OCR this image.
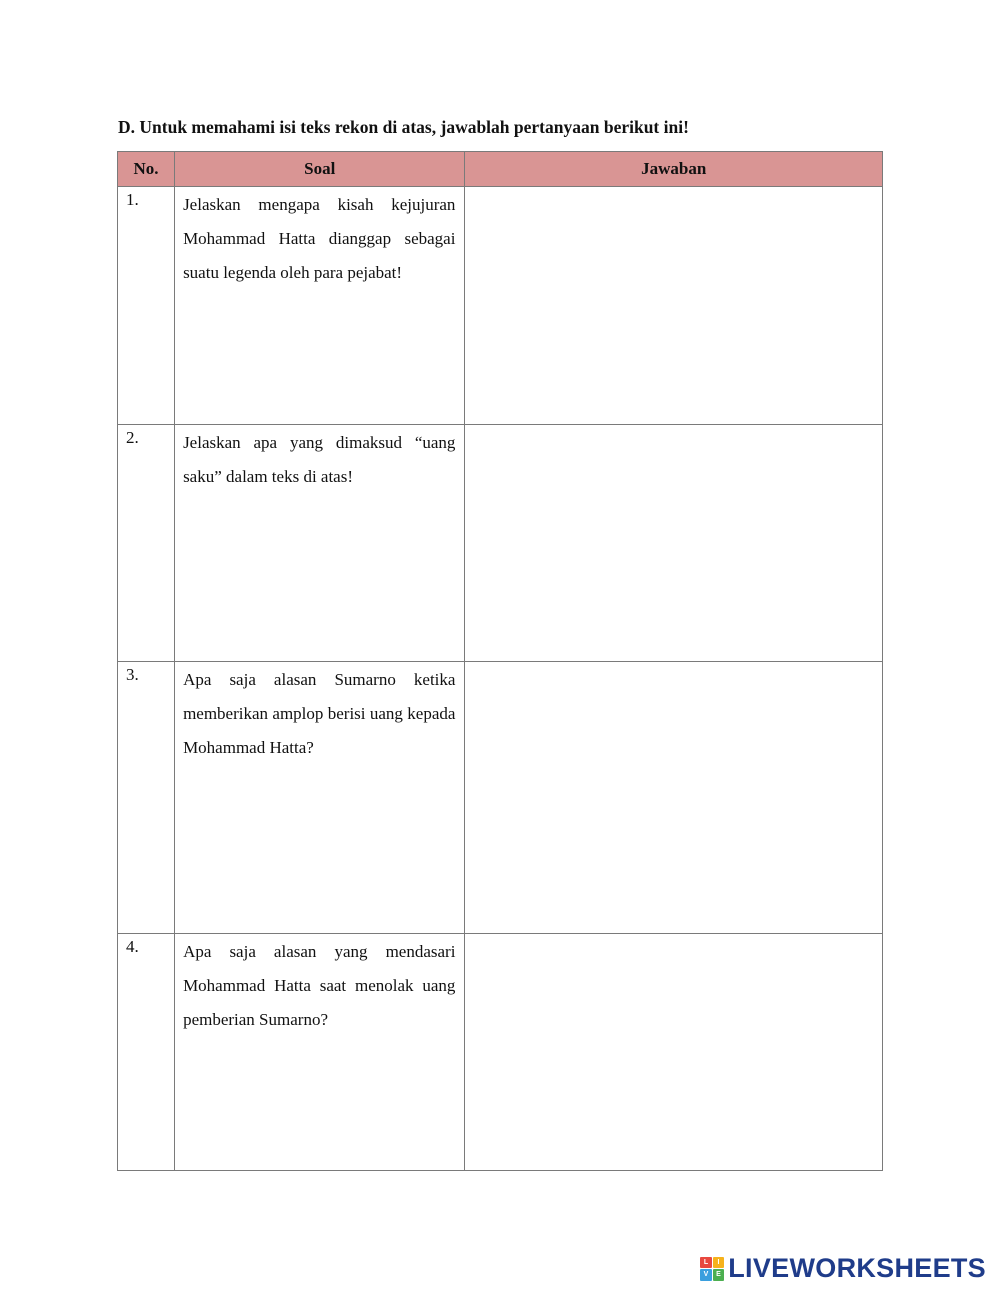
D. Untuk memahami isi teks rekon di atas, jawablah pertanyaan berikut ini!
No.	Soal	Jawaban
1.	Jelaskan mengapa kisah kejujuran Mohammad Hatta dianggap sebagai suatu legenda oleh para pejabat!

2.	Jelaskan apa yang dimaksud “uang saku” dalam teks di atas!

3.	Apa saja alasan Sumarno ketika memberikan amplop berisi uang kepada Mohammad Hatta?

4.	Apa saja alasan yang mendasari Mohammad Hatta saat menolak uang pemberian Sumarno?

L	I
V	E LIVEWORKSHEETS
